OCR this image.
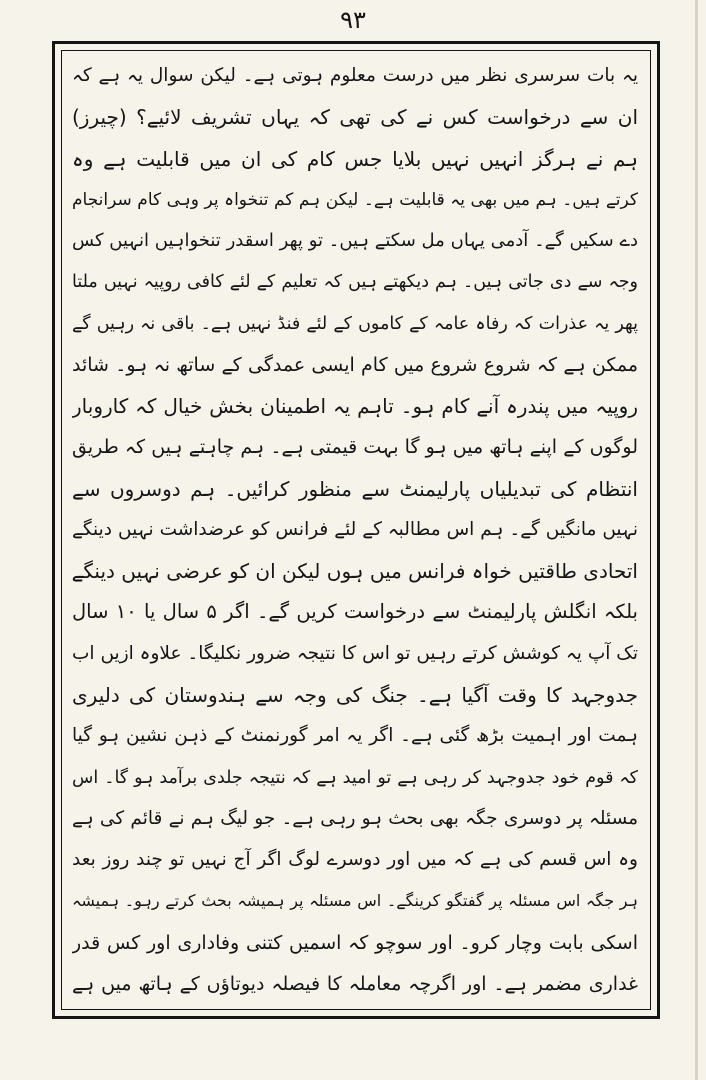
۹۳
یہ بات سرسری نظر میں درست معلوم ہوتی ہے۔ لیکن سوال یہ ہے کہ
ان سے درخواست کس نے کی تھی کہ یہاں تشریف لائیے؟ (چیرز)
ہم نے ہرگز انہیں نہیں بلایا جس کام کی ان میں قابلیت ہے وہ
کرتے ہیں۔ ہم میں بھی یہ قابلیت ہے۔ لیکن ہم کم تنخواہ پر وہی کام سرانجام
دے سکیں گے۔ آدمی یہاں مل سکتے ہیں۔ تو پھر اسقدر تنخواہیں انہیں کس
وجہ سے دی جاتی ہیں۔ ہم دیکھتے ہیں کہ تعلیم کے لئے کافی روپیہ نہیں ملتا
پھر یہ عذرات کہ رفاہ عامہ کے کاموں کے لئے فنڈ نہیں ہے۔ باقی نہ رہیں گے
ممکن ہے کہ شروع شروع میں کام ایسی عمدگی کے ساتھ نہ ہو۔ شائد
روپیہ میں پندرہ آنے کام ہو۔ تاہم یہ اطمینان بخش خیال کہ کاروبار
لوگوں کے اپنے ہاتھ میں ہو گا بہت قیمتی ہے۔ ہم چاہتے ہیں کہ طریق
انتظام کی تبدیلیاں پارلیمنٹ سے منظور کرائیں۔ ہم دوسروں سے
نہیں مانگیں گے۔ ہم اس مطالبہ کے لئے فرانس کو عرضداشت نہیں دینگے
اتحادی طاقتیں خواہ فرانس میں ہوں لیکن ان کو عرضی نہیں دینگے
بلکہ انگلش پارلیمنٹ سے درخواست کریں گے۔ اگر ۵ سال یا ۱۰ سال
تک آپ یہ کوشش کرتے رہیں تو اس کا نتیجہ ضرور نکلیگا۔ علاوہ ازیں اب
جدوجہد کا وقت آگیا ہے۔ جنگ کی وجہ سے ہندوستان کی دلیری
ہمت اور اہمیت بڑھ گئی ہے۔ اگر یہ امر گورنمنٹ کے ذہن نشین ہو گیا
کہ قوم خود جدوجہد کر رہی ہے تو امید ہے کہ نتیجہ جلدی برآمد ہو گا۔ اس
مسئلہ پر دوسری جگہ بھی بحث ہو رہی ہے۔ جو لیگ ہم نے قائم کی ہے
وہ اس قسم کی ہے کہ میں اور دوسرے لوگ اگر آج نہیں تو چند روز بعد
ہر جگہ اس مسئلہ پر گفتگو کرینگے۔ اس مسئلہ پر ہمیشہ بحث کرتے رہو۔ ہمیشہ
اسکی بابت وچار کرو۔ اور سوچو کہ اسمیں کتنی وفاداری اور کس قدر
غداری مضمر ہے۔ اور اگرچہ معاملہ کا فیصلہ دیوتاؤں کے ہاتھ میں ہے
